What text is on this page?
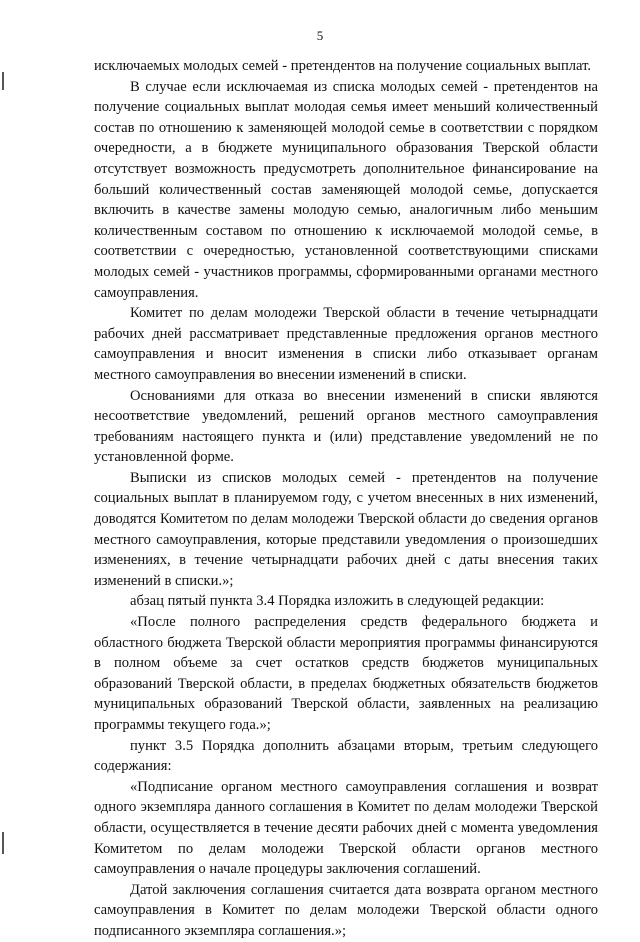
5

исключаемых молодых семей - претендентов на получение социальных выплат.

В случае если исключаемая из списка молодых семей - претендентов на получение социальных выплат молодая семья имеет меньший количественный состав по отношению к заменяющей молодой семье в соответствии с порядком очередности, а в бюджете муниципального образования Тверской области отсутствует возможность предусмотреть дополнительное финансирование на больший количественный состав заменяющей молодой семье, допускается включить в качестве замены молодую семью, аналогичным либо меньшим количественным составом по отношению к исключаемой молодой семье, в соответствии с очередностью, установленной соответствующими списками молодых семей - участников программы, сформированными органами местного самоуправления.

Комитет по делам молодежи Тверской области в течение четырнадцати рабочих дней рассматривает представленные предложения органов местного самоуправления и вносит изменения в списки либо отказывает органам местного самоуправления во внесении изменений в списки.

Основаниями для отказа во внесении изменений в списки являются несоответствие уведомлений, решений органов местного самоуправления требованиям настоящего пункта и (или) представление уведомлений не по установленной форме.

Выписки из списков молодых семей - претендентов на получение социальных выплат в планируемом году, с учетом внесенных в них изменений, доводятся Комитетом по делам молодежи Тверской области до сведения органов местного самоуправления, которые представили уведомления о произошедших изменениях, в течение четырнадцати рабочих дней с даты внесения таких изменений в списки.»;

абзац пятый пункта 3.4 Порядка изложить в следующей редакции:

«После полного распределения средств федерального бюджета и областного бюджета Тверской области мероприятия программы финансируются в полном объеме за счет остатков средств бюджетов муниципальных образований Тверской области, в пределах бюджетных обязательств бюджетов муниципальных образований Тверской области, заявленных на реализацию программы текущего года.»;

пункт 3.5 Порядка дополнить абзацами вторым, третьим следующего содержания:

«Подписание органом местного самоуправления соглашения и возврат одного экземпляра данного соглашения в Комитет по делам молодежи Тверской области, осуществляется в течение десяти рабочих дней с момента уведомления Комитетом по делам молодежи Тверской области органов местного самоуправления о начале процедуры заключения соглашений.

Датой заключения соглашения считается дата возврата органом местного самоуправления в Комитет по делам молодежи Тверской области одного подписанного экземпляра соглашения.»;
